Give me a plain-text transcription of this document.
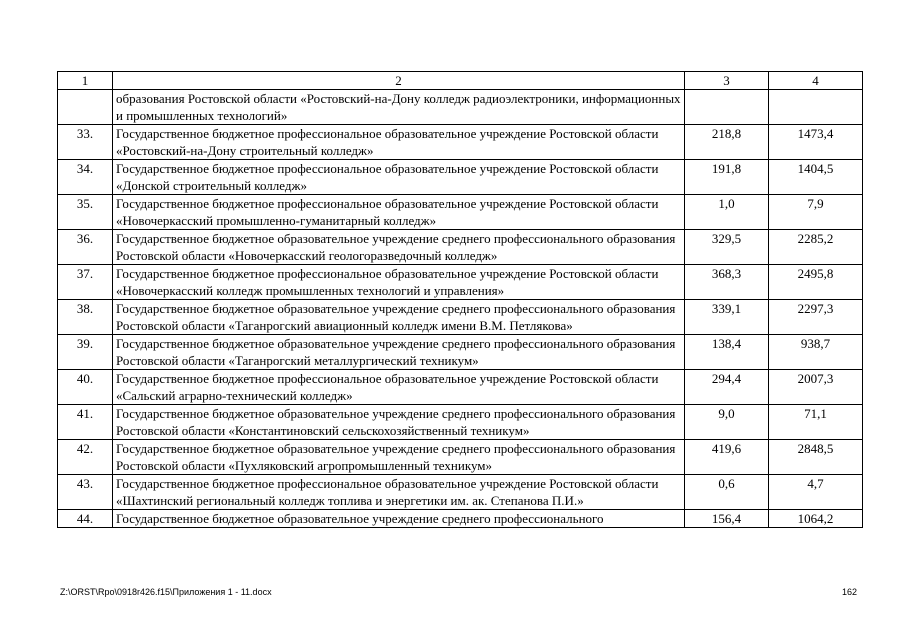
1	2	3	4
	образования Ростовской области «Ростовский-на-Дону колледж радиоэлектроники, информационных и промышленных технологий»		
33.	Государственное бюджетное профессиональное образовательное учреждение Ростовской области «Ростовский-на-Дону строительный колледж»	218,8	1473,4
34.	Государственное бюджетное профессиональное образовательное учреждение Ростовской области «Донской строительный колледж»	191,8	1404,5
35.	Государственное бюджетное профессиональное образовательное учреждение Ростовской области «Новочеркасский промышленно-гуманитарный колледж»	1,0	7,9
36.	Государственное бюджетное образовательное учреждение среднего профессионального образования Ростовской области «Новочеркасский геологоразведочный колледж»	329,5	2285,2
37.	Государственное бюджетное профессиональное образовательное учреждение Ростовской области «Новочеркасский колледж промышленных технологий и управления»	368,3	2495,8
38.	Государственное бюджетное образовательное учреждение среднего профессионального образования Ростовской области «Таганрогский авиационный колледж имени В.М. Петлякова»	339,1	2297,3
39.	Государственное бюджетное образовательное учреждение среднего профессионального образования Ростовской области «Таганрогский металлургический техникум»	138,4	938,7
40.	Государственное бюджетное профессиональное образовательное учреждение Ростовской области «Сальский аграрно-технический колледж»	294,4	2007,3
41.	Государственное бюджетное образовательное учреждение среднего профессионального образования Ростовской области «Константиновский сельскохозяйственный техникум»	9,0	71,1
42.	Государственное бюджетное образовательное учреждение среднего профессионального образования Ростовской области «Пухляковский агропромышленный техникум»	419,6	2848,5
43.	Государственное бюджетное профессиональное образовательное учреждение Ростовской области «Шахтинский региональный колледж топлива и энергетики им. ак. Степанова П.И.»	0,6	4,7
44.	Государственное бюджетное образовательное учреждение среднего профессионального	156,4	1064,2
Z:\ORST\Rpo\0918r426.f15\Приложения 1 - 11.docx	162
